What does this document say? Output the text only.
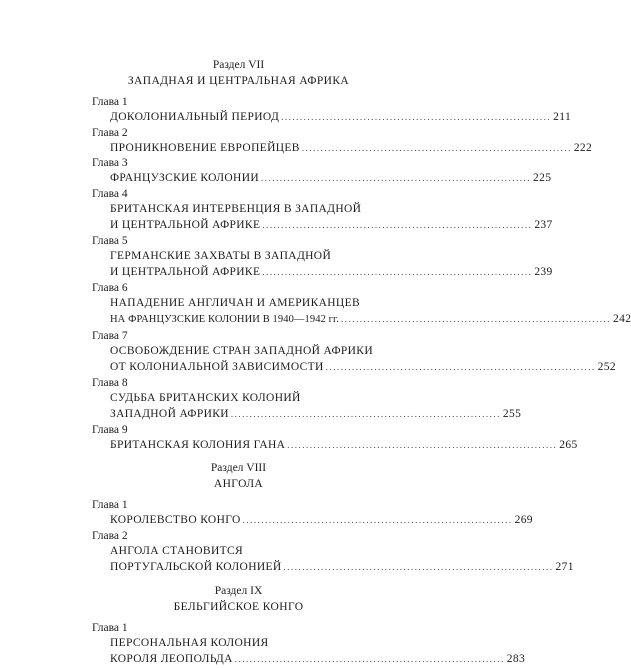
Раздел VII
ЗАПАДНАЯ И ЦЕНТРАЛЬНАЯ АФРИКА
Глава 1
ДОКОЛОНИАЛЬНЫЙ ПЕРИОД ........................................................................ 211
Глава 2
ПРОНИКНОВЕНИЕ ЕВРОПЕЙЦЕВ ........................................................................ 222
Глава 3
ФРАНЦУЗСКИЕ КОЛОНИИ ........................................................................ 225
Глава 4
БРИТАНСКАЯ ИНТЕРВЕНЦИЯ В ЗАПАДНОЙ
И ЦЕНТРАЛЬНОЙ АФРИКЕ ........................................................................ 237
Глава 5
ГЕРМАНСКИЕ ЗАХВАТЫ В ЗАПАДНОЙ
И ЦЕНТРАЛЬНОЙ АФРИКЕ ........................................................................ 239
Глава 6
НАПАДЕНИЕ АНГЛИЧАН И АМЕРИКАНЦЕВ
НА ФРАНЦУЗСКИЕ КОЛОНИИ В 1940—1942 гг. ........................................................................ 242
Глава 7
ОСВОБОЖДЕНИЕ СТРАН ЗАПАДНОЙ АФРИКИ
ОТ КОЛОНИАЛЬНОЙ ЗАВИСИМОСТИ ........................................................................ 252
Глава 8
СУДЬБА БРИТАНСКИХ КОЛОНИЙ
ЗАПАДНОЙ АФРИКИ ........................................................................ 255
Глава 9
БРИТАНСКАЯ КОЛОНИЯ ГАНА ........................................................................ 265
Раздел VIII
АНГОЛА
Глава 1
КОРОЛЕВСТВО КОНГО ........................................................................ 269
Глава 2
АНГОЛА СТАНОВИТСЯ
ПОРТУГАЛЬСКОЙ КОЛОНИЕЙ ........................................................................ 271
Раздел IX
БЕЛЬГИЙСКОЕ КОНГО
Глава 1
ПЕРСОНАЛЬНАЯ КОЛОНИЯ
КОРОЛЯ ЛЕОПОЛЬДА ........................................................................ 283
